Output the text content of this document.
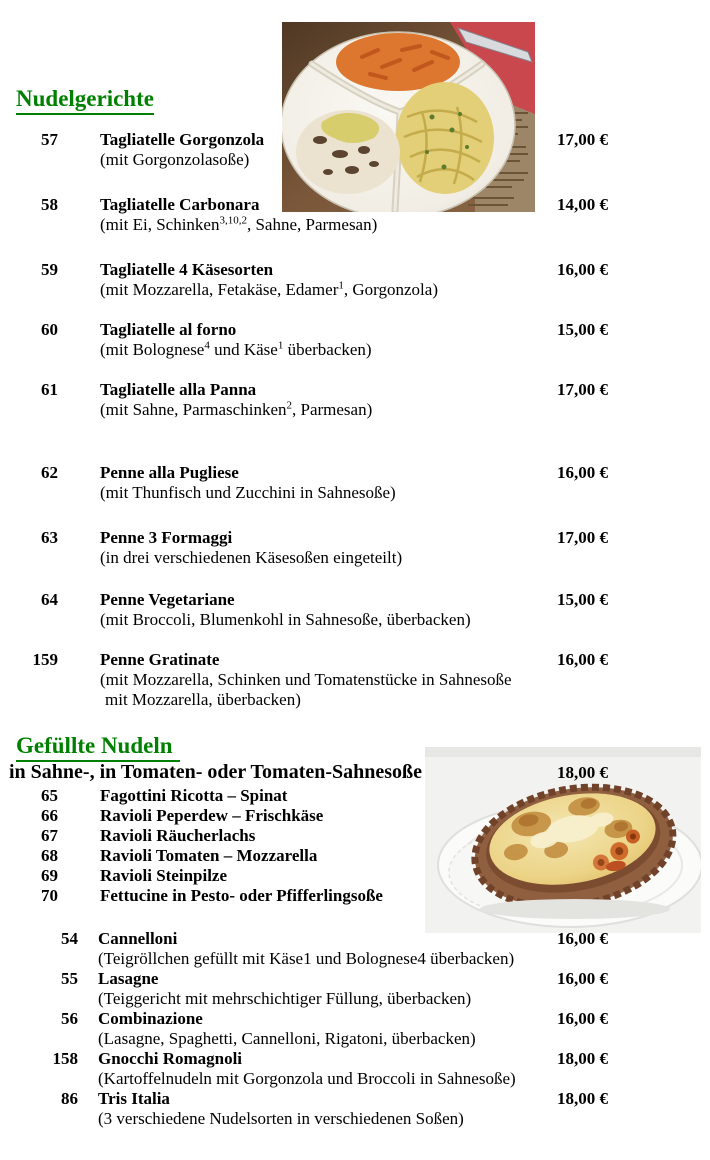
Nudelgerichte
57 Tagliatelle Gorgonzola
(mit Gorgonzolasoße)
17,00 €
58 Tagliatelle Carbonara
(mit Ei, Schinken$^{3,10,2}$, Sahne, Parmesan)
14,00 €
59 Tagliatelle 4 Käsesorten
(mit Mozzarella, Fetakäse, Edamer$^1$, Gorgonzola)
16,00 €
60 Tagliatelle al forno
(mit Bolognese$^4$ und Käse$^1$ überbacken)
15,00 €
61 Tagliatelle alla Panna
(mit Sahne, Parmaschinken$^2$, Parmesan)
17,00 €
62 Penne alla Pugliese
(mit Thunfisch und Zucchini in Sahnesoße)
16,00 €
63 Penne 3 Formaggi
(in drei verschiedenen Käsesoßen eingeteilt)
17,00 €
64 Penne Vegetariane
(mit Broccoli, Blumenkohl in Sahnesoße, überbacken)
15,00 €
159 Penne Gratinate
(mit Mozzarella, Schinken und Tomatenstücke in Sahnesoße
mit Mozzarella, überbacken)
16,00 €
Gefüllte Nudeln
in Sahne-, in Tomaten- oder Tomaten-Sahnesoße	18,00 €
65 Fagottini Ricotta – Spinat
66 Ravioli Peperdew – Frischkäse
67 Ravioli Räucherlachs
68 Ravioli Tomaten – Mozzarella
69 Ravioli Steinpilze
70 Fettucine in Pesto- oder Pfifferlingsoße
54 Cannelloni
(Teigröllchen gefüllt mit Käse1 und Bolognese4 überbacken)
16,00 €
55 Lasagne
(Teiggericht mit mehrschichtiger Füllung, überbacken)
16,00 €
56 Combinazione
(Lasagne, Spaghetti, Cannelloni, Rigatoni, überbacken)
16,00 €
158 Gnocchi Romagnoli
(Kartoffelnudeln mit Gorgonzola und Broccoli in Sahnesoße)
18,00 €
86 Tris Italia
(3 verschiedene Nudelsorten in verschiedenen Soßen)
18,00 €
